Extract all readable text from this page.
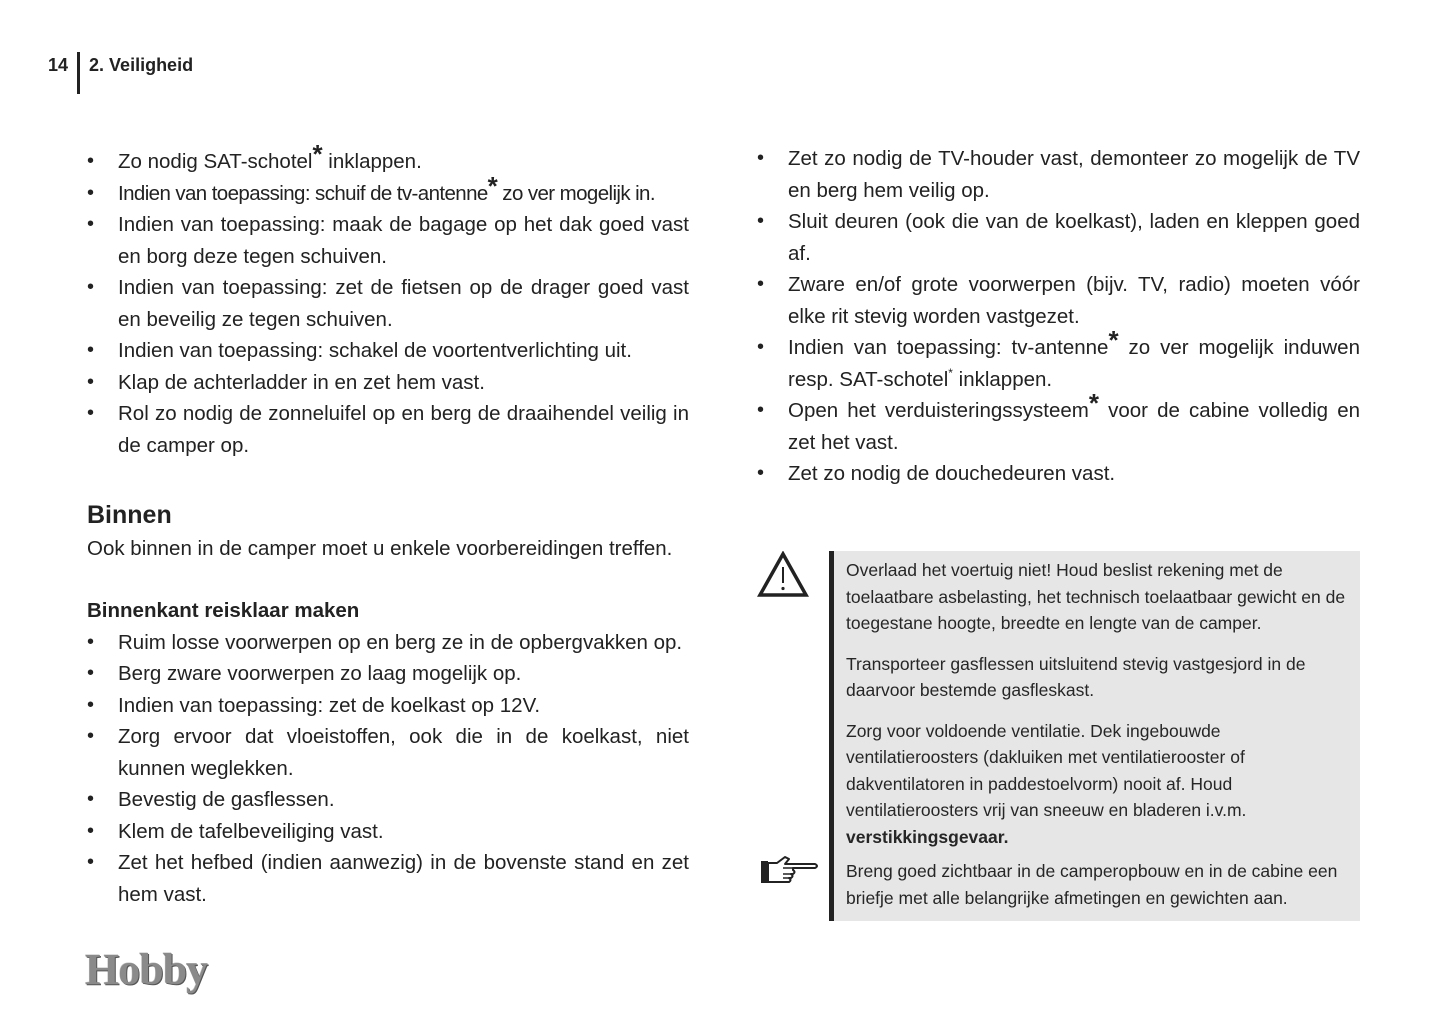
14 2. Veiligheid
• Zo nodig SAT-schotel* inklappen.
• Indien van toepassing: schuif de tv-antenne* zo ver mogelijk in.
• Indien van toepassing: maak de bagage op het dak goed vast en borg deze tegen schuiven.
• Indien van toepassing: zet de fietsen op de drager goed vast en beveilig ze tegen schuiven.
• Indien van toepassing: schakel de voortentverlichting uit.
• Klap de achterladder in en zet hem vast.
• Rol zo nodig de zonneluifel op en berg de draaihendel veilig in de camper op.
Binnen

Ook binnen in de camper moet u enkele voorbereidingen treffen.

Binnenkant reisklaar maken
• Ruim losse voorwerpen op en berg ze in de opbergvakken op.
• Berg zware voorwerpen zo laag mogelijk op.
• Indien van toepassing: zet de koelkast op 12V.
• Zorg ervoor dat vloeistoffen, ook die in de koelkast, niet kunnen weglekken.
• Bevestig de gasflessen.
• Klem de tafelbeveiliging vast.
• Zet het hefbed (indien aanwezig) in de bovenste stand en zet hem vast.
• Zet zo nodig de TV-houder vast, demonteer zo mogelijk de TV en berg hem veilig op.
• Sluit deuren (ook die van de koelkast), laden en kleppen goed af.
• Zware en/of grote voorwerpen (bijv. TV, radio) moeten vóór elke rit stevig worden vastgezet.
• Indien van toepassing: tv-antenne* zo ver mogelijk induwen resp. SAT-schotel* inklappen.
• Open het verduisteringssysteem* voor de cabine volledig en zet het vast.
• Zet zo nodig de douchedeuren vast.

Overlaad het voertuig niet! Houd beslist rekening met de toelaatbare asbelasting, het technisch toelaatbaar gewicht en de toegestane hoogte, breedte en lengte van de camper.

Transporteer gasflessen uitsluitend stevig vastgesjord in de daarvoor bestemde gasfleskast.

Zorg voor voldoende ventilatie. Dek ingebouwde ventilatieroosters (dakluiken met ventilatierooster of dakventilatoren in paddestoelvorm) nooit af. Houd ventilatieroosters vrij van sneeuw en bladeren i.v.m. verstikkingsgevaar.

Breng goed zichtbaar in de camperopbouw en in de cabine een briefje met alle belangrijke afmetingen en gewichten aan.

Hobby
